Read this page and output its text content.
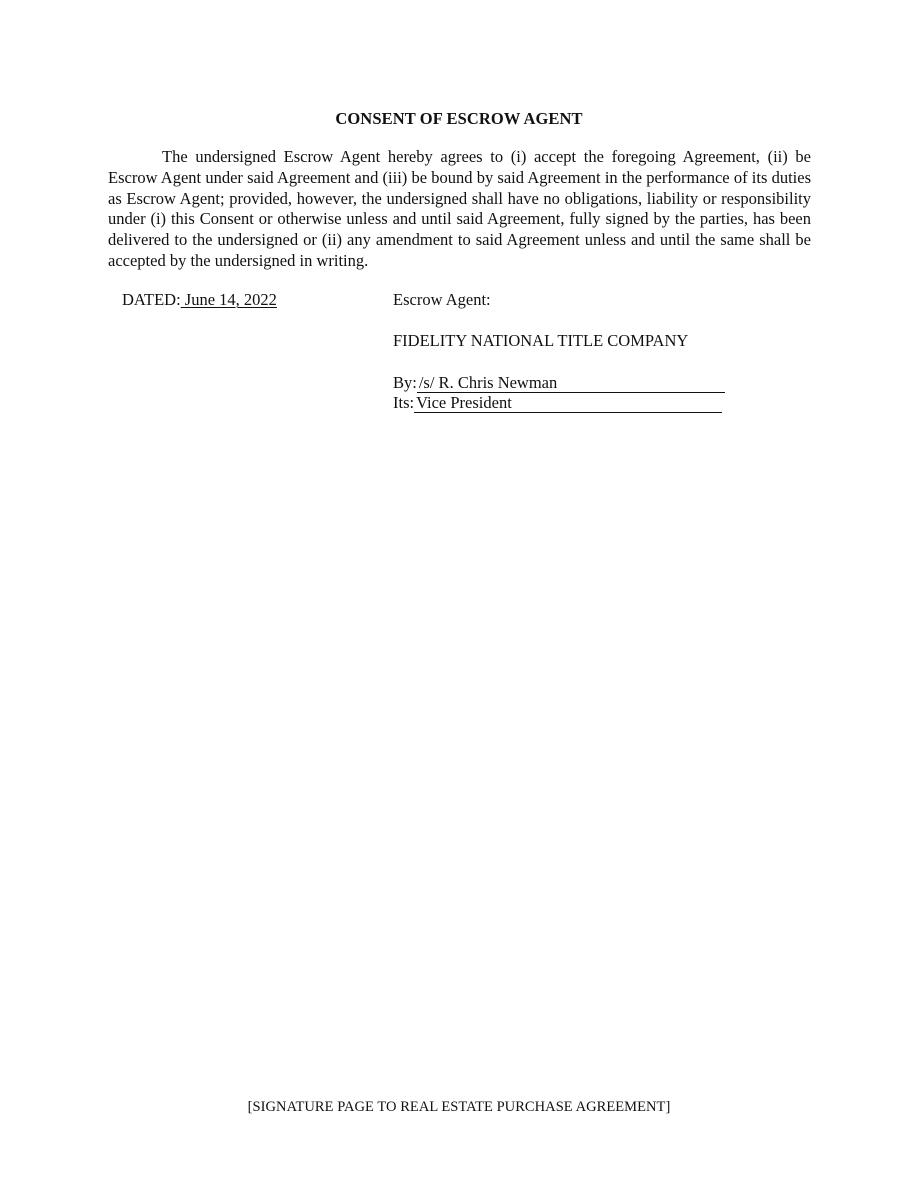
CONSENT OF ESCROW AGENT

The undersigned Escrow Agent hereby agrees to (i) accept the foregoing Agreement, (ii) be Escrow Agent under said Agreement and (iii) be bound by said Agreement in the performance of its duties as Escrow Agent; provided, however, the undersigned shall have no obligations, liability or responsibility under (i) this Consent or otherwise unless and until said Agreement, fully signed by the parties, has been delivered to the undersigned or (ii) any amendment to said Agreement unless and until the same shall be accepted by the undersigned in writing.

DATED: June 14, 2022	Escrow Agent:
FIDELITY NATIONAL TITLE COMPANY
By: /s/ R. Chris Newman
Its: Vice President
[SIGNATURE PAGE TO REAL ESTATE PURCHASE AGREEMENT]
